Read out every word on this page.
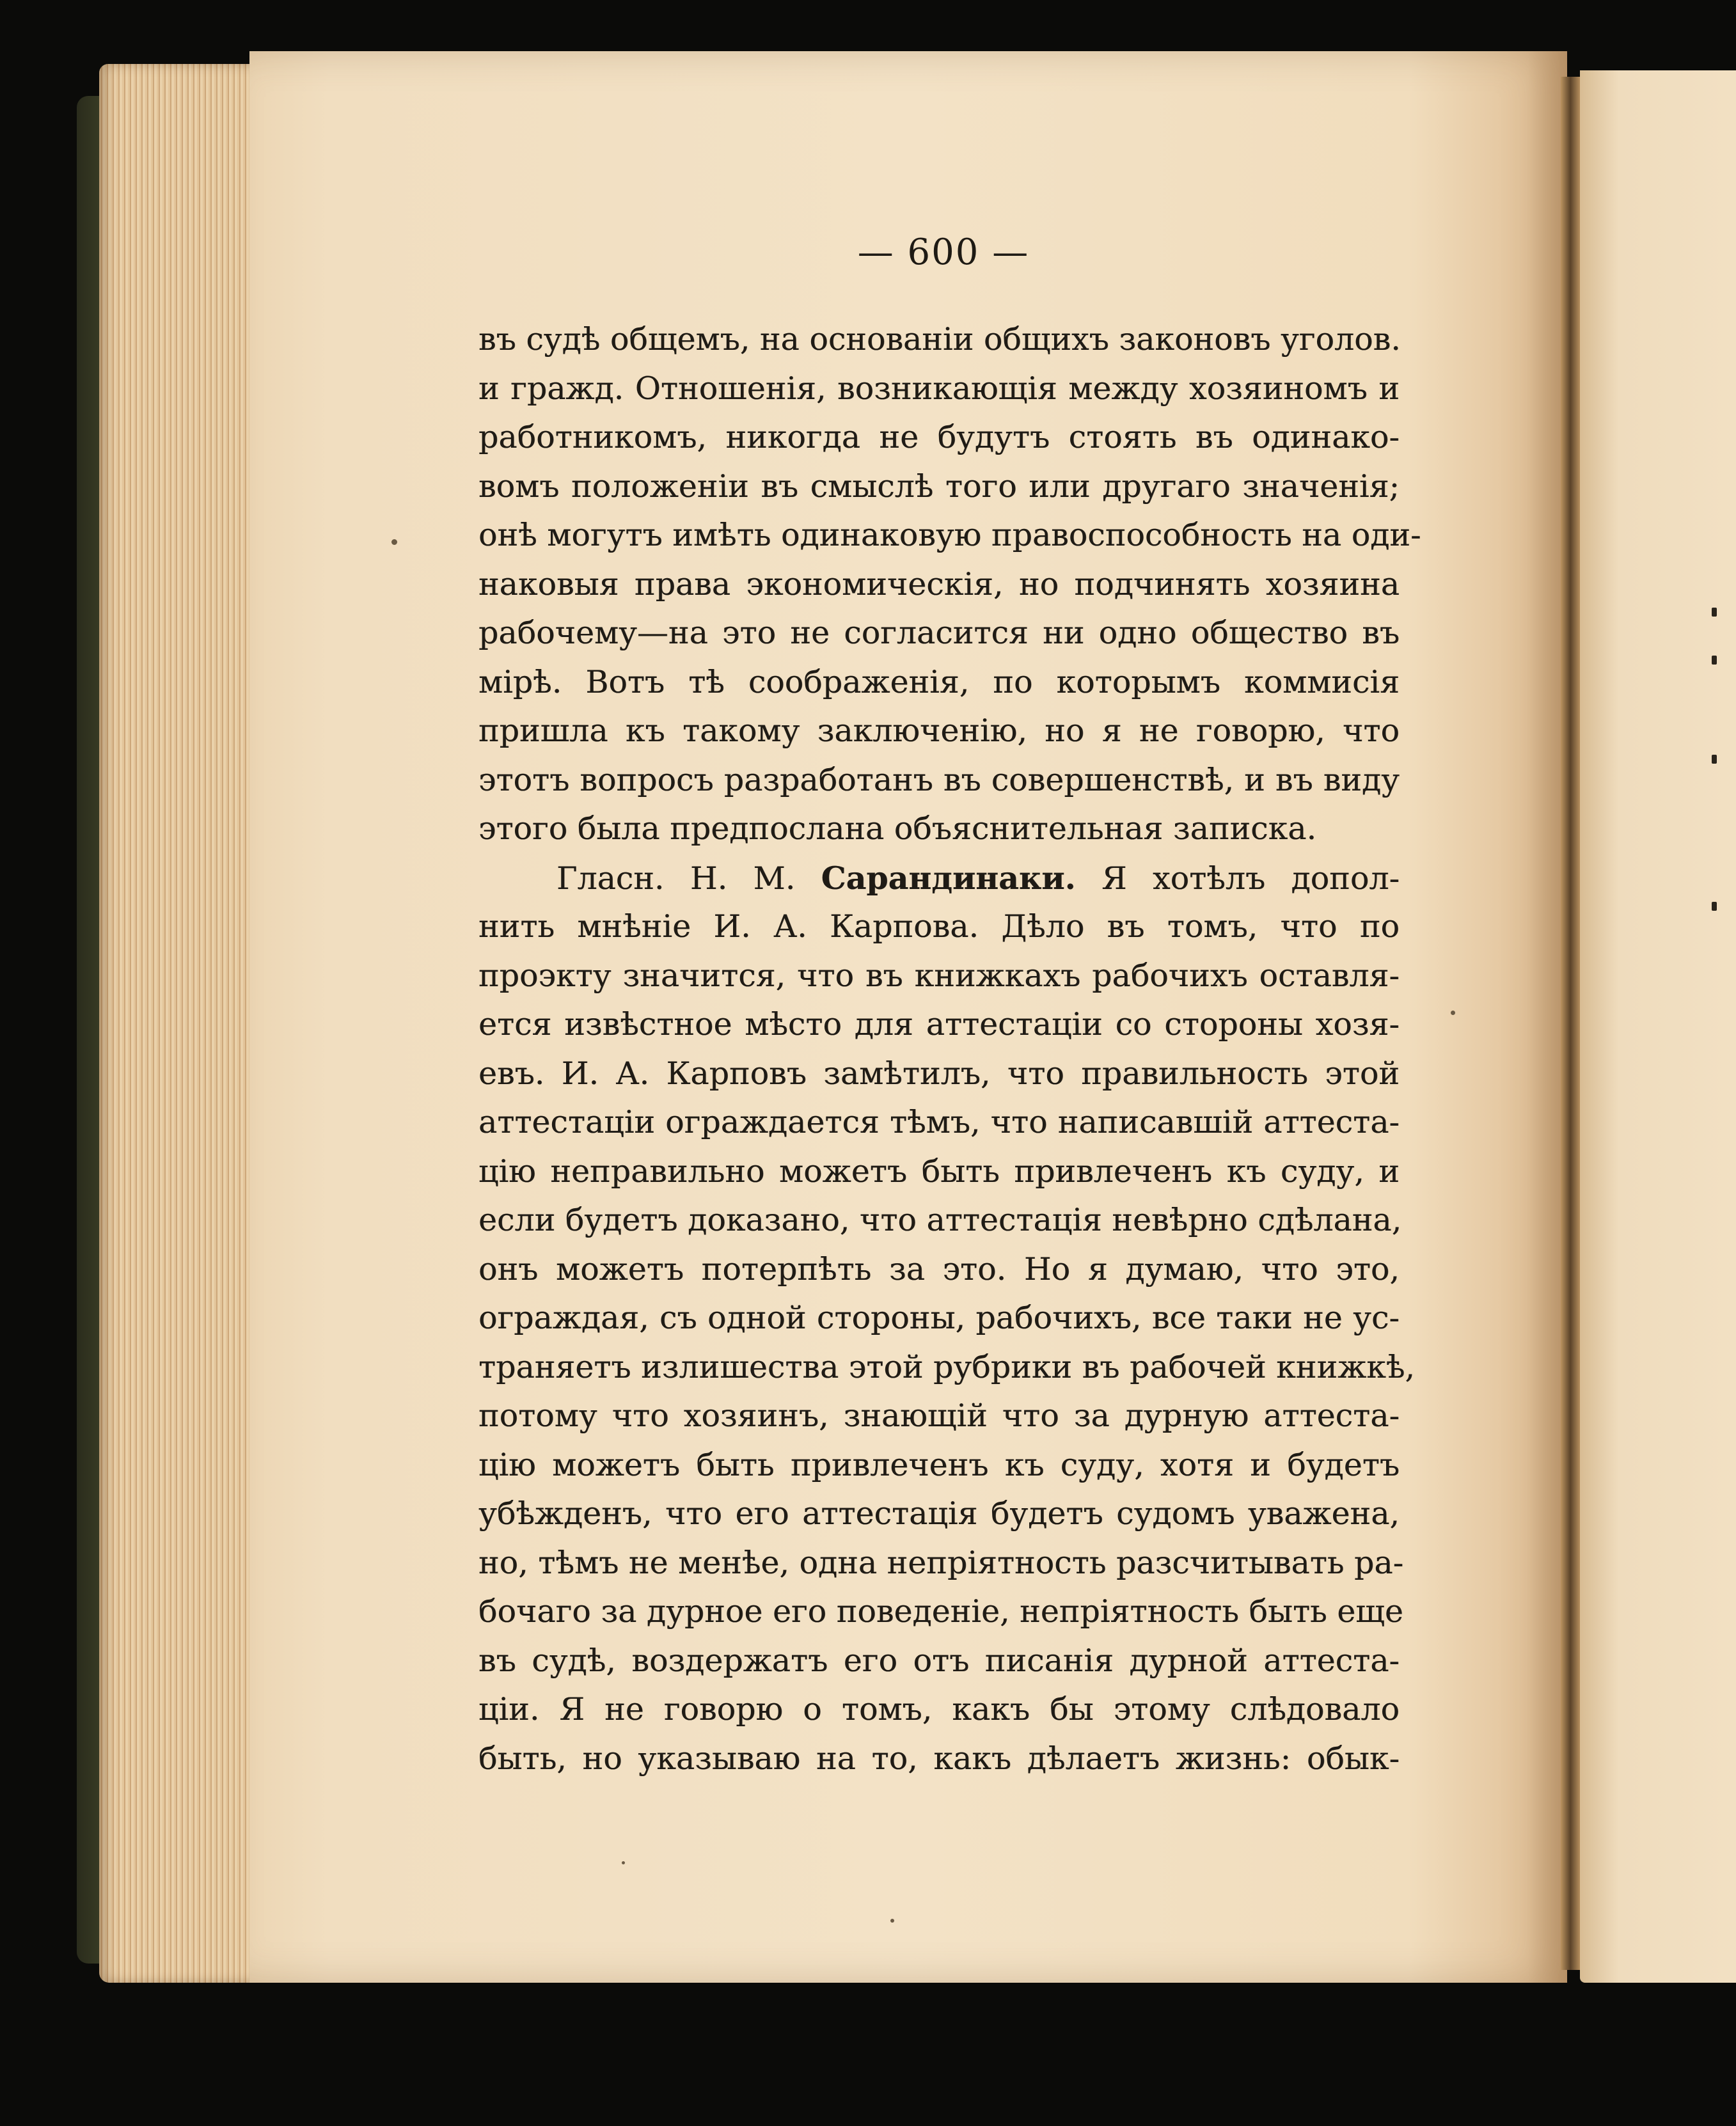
— 600 —
въ судѣ общемъ, на основаніи общихъ законовъ уголов.
и гражд. Отношенія, возникающія между хозяиномъ и
работникомъ, никогда не будутъ стоять въ одинако-
вомъ положеніи въ смыслѣ того или другаго значенія;
онѣ могутъ имѣть одинаковую правоспособность на оди-
наковыя права экономическія, но подчинять хозяина
рабочему—на это не согласится ни одно общество въ
мірѣ. Вотъ тѣ соображенія, по которымъ коммисія
пришла къ такому заключенію, но я не говорю, что
этотъ вопросъ разработанъ въ совершенствѣ, и въ виду
этого была предпослана объяснительная записка.
Гласн. Н. М. Сарандинаки. Я хотѣлъ допол-
нить мнѣніе И. А. Карпова. Дѣло въ томъ, что по
проэкту значится, что въ книжкахъ рабочихъ оставля-
ется извѣстное мѣсто для аттестаціи со стороны хозя-
евъ. И. А. Карповъ замѣтилъ, что правильность этой
аттестаціи ограждается тѣмъ, что написавшій аттеста-
цію неправильно можетъ быть привлеченъ къ суду, и
если будетъ доказано, что аттестація невѣрно сдѣлана,
онъ можетъ потерпѣть за это. Но я думаю, что это,
ограждая, съ одной стороны, рабочихъ, все таки не ус-
траняетъ излишества этой рубрики въ рабочей книжкѣ,
потому что хозяинъ, знающій что за дурную аттеста-
цію можетъ быть привлеченъ къ суду, хотя и будетъ
убѣжденъ, что его аттестація будетъ судомъ уважена,
но, тѣмъ не менѣе, одна непріятность разсчитывать ра-
бочаго за дурное его поведеніе, непріятность быть еще
въ судѣ, воздержатъ его отъ писанія дурной аттеста-
ціи. Я не говорю о томъ, какъ бы этому слѣдовало
быть, но указываю на то, какъ дѣлаетъ жизнь: обык-
